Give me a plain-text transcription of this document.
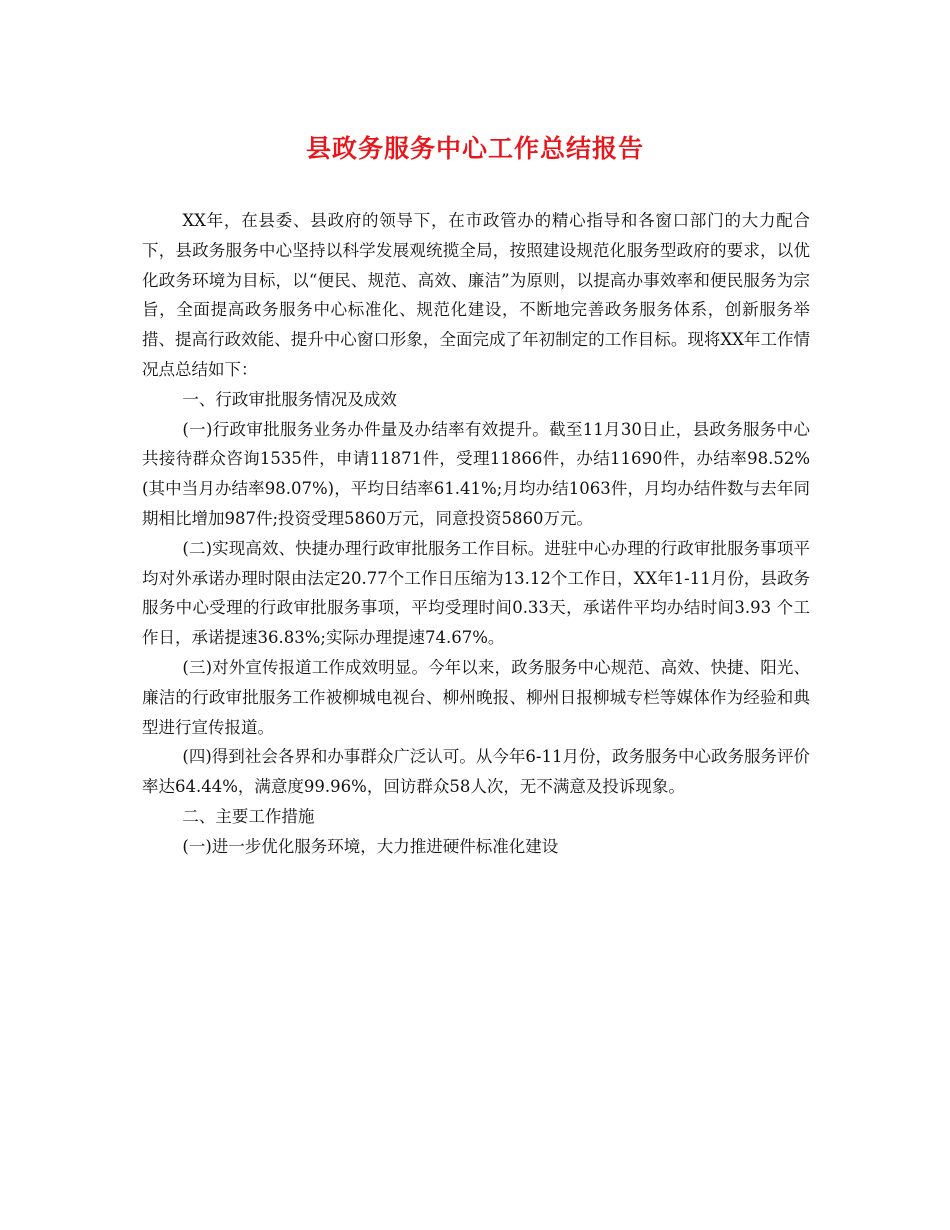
县政务服务中心工作总结报告

XX年，在县委、县政府的领导下，在市政管办的精心指导和各窗口部门的大力配合下，县政务服务中心坚持以科学发展观统揽全局，按照建设规范化服务型政府的要求，以优化政务环境为目标，以“便民、规范、高效、廉洁”为原则，以提高办事效率和便民服务为宗旨，全面提高政务服务中心标准化、规范化建设，不断地完善政务服务体系，创新服务举措、提高行政效能、提升中心窗口形象，全面完成了年初制定的工作目标。现将XX年工作情况点总结如下：

一、行政审批服务情况及成效

(一)行政审批服务业务办件量及办结率有效提升。截至11月30日止，县政务服务中心共接待群众咨询1535件，申请11871件，受理11866件，办结11690件，办结率98.52%(其中当月办结率98.07%)，平均日结率61.41%;月均办结1063件，月均办结件数与去年同期相比增加987件;投资受理5860万元，同意投资5860万元。

(二)实现高效、快捷办理行政审批服务工作目标。进驻中心办理的行政审批服务事项平均对外承诺办理时限由法定20.77个工作日压缩为13.12个工作日，XX年1-11月份，县政务服务中心受理的行政审批服务事项，平均受理时间0.33天，承诺件平均办结时间3.93 个工作日，承诺提速36.83%;实际办理提速74.67%。

(三)对外宣传报道工作成效明显。今年以来，政务服务中心规范、高效、快捷、阳光、廉洁的行政审批服务工作被柳城电视台、柳州晚报、柳州日报柳城专栏等媒体作为经验和典型进行宣传报道。

(四)得到社会各界和办事群众广泛认可。从今年6-11月份，政务服务中心政务服务评价率达64.44%，满意度99.96%，回访群众58人次，无不满意及投诉现象。

二、主要工作措施

(一)进一步优化服务环境，大力推进硬件标准化建设
